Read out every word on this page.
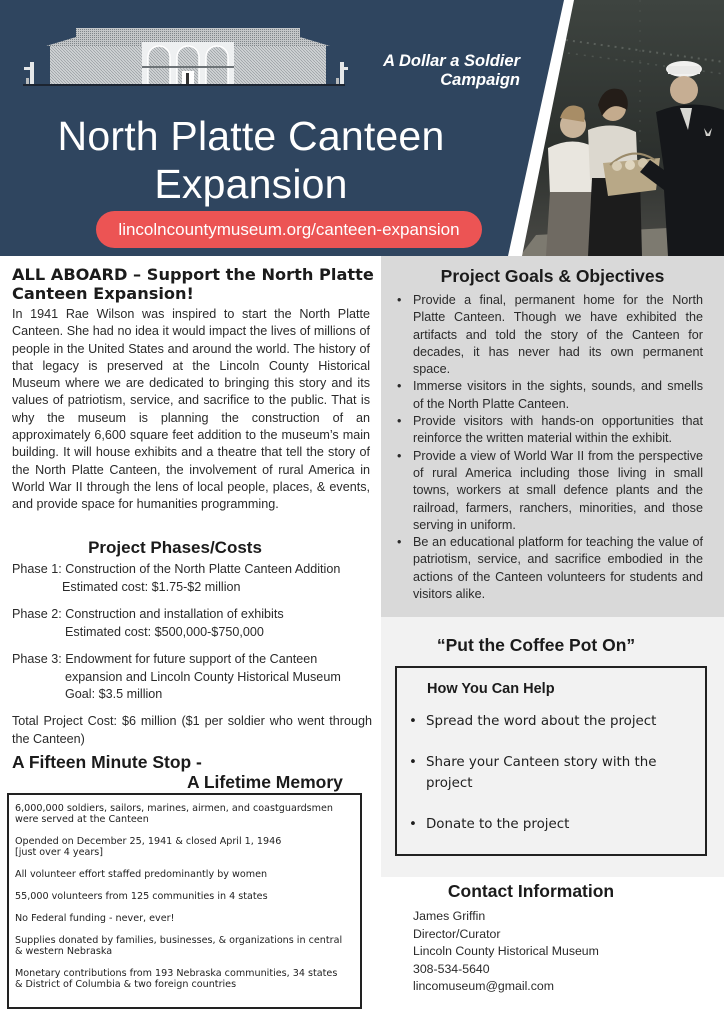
A Dollar a Soldier
Campaign
North Platte Canteen
Expansion
lincolncountymuseum.org/canteen-expansion
ALL ABOARD – Support the North Platte Canteen Expansion!

In 1941 Rae Wilson was inspired to start the North Platte Canteen. She had no idea it would impact the lives of millions of people in the United States and around the world. The history of that legacy is preserved at the Lincoln County Historical Museum where we are dedicated to bringing this story and its values of patriotism, service, and sacrifice to the public. That is why the museum is planning the construction of an approximately 6,600 square feet addition to the museum’s main building. It will house exhibits and a theatre that tell the story of the North Platte Canteen, the involvement of rural America in World War II through the lens of local people, places, & events, and provide space for humanities programming.

Project Phases/Costs
Phase 1: Construction of the North Platte Canteen Addition
Estimated cost: $1.75-$2 million
Phase 2: Construction and installation of exhibits
Estimated cost: $500,000-$750,000
Phase 3: Endowment for future support of the Canteen
expansion and Lincoln County Historical Museum
Goal: $3.5 million

Total Project Cost: $6 million ($1 per soldier who went through the Canteen)

A Fifteen Minute Stop -
A Lifetime Memory
6,000,000 soldiers, sailors, marines, airmen, and coastguardsmen
were served at the Canteen
Opended on December 25, 1941 & closed April 1, 1946
[just over 4 years]
All volunteer effort staffed predominantly by women
55,000 volunteers from 125 communities in 4 states
No Federal funding - never, ever!
Supplies donated by families, businesses, & organizations in central
& western Nebraska
Monetary contributions from 193 Nebraska communities, 34 states
& District of Columbia & two foreign countries
Project Goals & Objectives
• Provide a final, permanent home for the North Platte Canteen. Though we have exhibited the artifacts and told the story of the Canteen for decades, it has never had its own permanent space.
• Immerse visitors in the sights, sounds, and smells of the North Platte Canteen.
• Provide visitors with hands-on opportunities that reinforce the written material within the exhibit.
• Provide a view of World War II from the perspective of rural America including those living in small towns, workers at small defence plants and the railroad, farmers, ranchers, minorities, and those serving in uniform.
• Be an educational platform for teaching the value of patriotism, service, and sacrifice embodied in the actions of the Canteen volunteers for students and visitors alike.
“Put the Coffee Pot On”
How You Can Help
• Spread the word about the project
• Share your Canteen story with the project
• Donate to the project
Contact Information
James Griffin
Director/Curator
Lincoln County Historical Museum
308-534-5640
lincomuseum@gmail.com
